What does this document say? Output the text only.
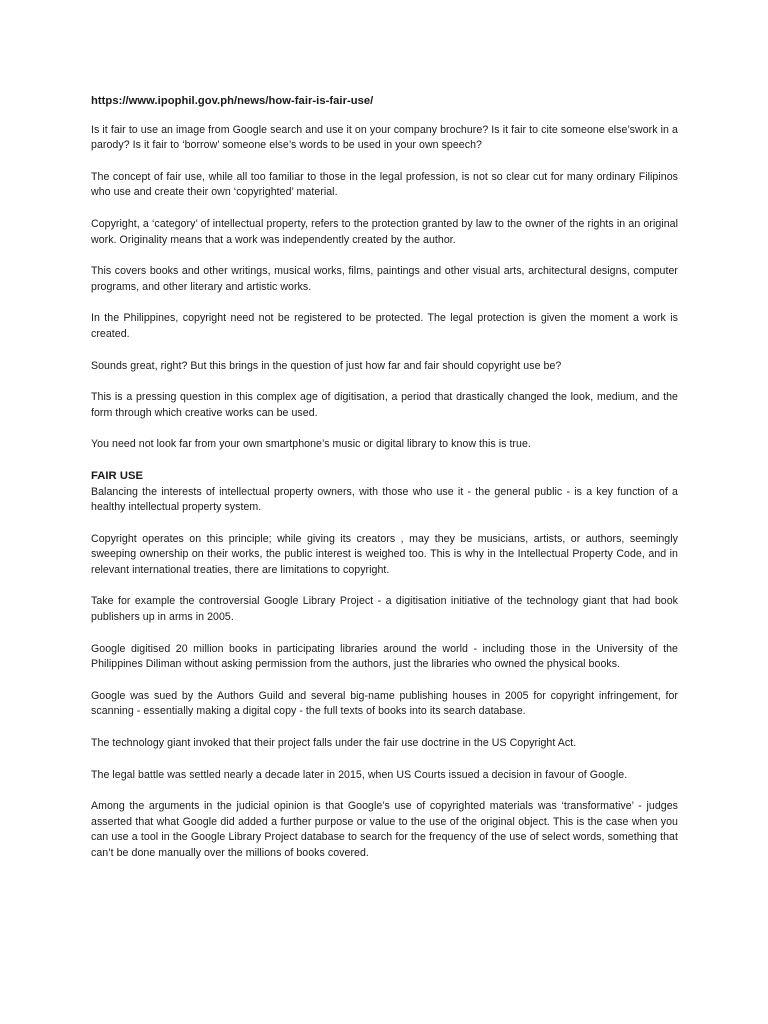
https://www.ipophil.gov.ph/news/how-fair-is-fair-use/

Is it fair to use an image from Google search and use it on your company brochure? Is it fair to cite someone else’swork in a parody? Is it fair to ‘borrow’ someone else’s words to be used in your own speech?

The concept of fair use, while all too familiar to those in the legal profession, is not so clear cut for many ordinary Filipinos who use and create their own ‘copyrighted’ material.

Copyright, a ‘category’ of intellectual property, refers to the protection granted by law to the owner of the rights in an original work. Originality means that a work was independently created by the author.

This covers books and other writings, musical works, films, paintings and other visual arts, architectural designs, computer programs, and other literary and artistic works.

In the Philippines, copyright need not be registered to be protected. The legal protection is given the moment a work is created.

Sounds great, right? But this brings in the question of just how far and fair should copyright use be?

This is a pressing question in this complex age of digitisation, a period that drastically changed the look, medium, and the form through which creative works can be used.

You need not look far from your own smartphone’s music or digital library to know this is true.

FAIR USE

Balancing the interests of intellectual property owners, with those who use it - the general public - is a key function of a healthy intellectual property system.

Copyright operates on this principle; while giving its creators , may they be musicians, artists, or authors, seemingly sweeping ownership on their works, the public interest is weighed too. This is why in the Intellectual Property Code, and in relevant international treaties, there are limitations to copyright.

Take for example the controversial Google Library Project - a digitisation initiative of the technology giant that had book publishers up in arms in 2005.

Google digitised 20 million books in participating libraries around the world - including those in the University of the Philippines Diliman without asking permission from the authors, just the libraries who owned the physical books.

Google was sued by the Authors Guild and several big-name publishing houses in 2005 for copyright infringement, for scanning - essentially making a digital copy - the full texts of books into its search database.

The technology giant invoked that their project falls under the fair use doctrine in the US Copyright Act.

The legal battle was settled nearly a decade later in 2015, when US Courts issued a decision in favour of Google.

Among the arguments in the judicial opinion is that Google’s use of copyrighted materials was ‘transformative’ - judges asserted that what Google did added a further purpose or value to the use of the original object. This is the case when you can use a tool in the Google Library Project database to search for the frequency of the use of select words, something that can’t be done manually over the millions of books covered.
